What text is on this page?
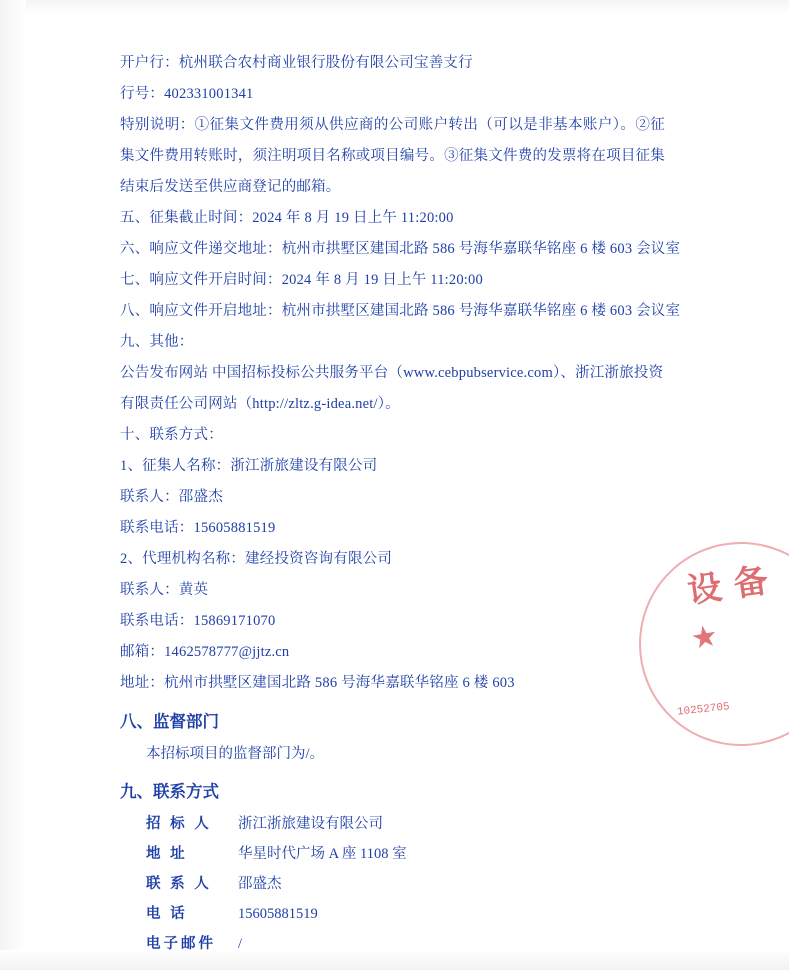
开户行：杭州联合农村商业银行股份有限公司宝善支行
行号：402331001341
特别说明：①征集文件费用须从供应商的公司账户转出（可以是非基本账户）。②征集文件费用转账时，须注明项目名称或项目编号。③征集文件费的发票将在项目征集结束后发送至供应商登记的邮箱。
五、征集截止时间：2024 年 8 月 19 日上午 11:20:00
六、响应文件递交地址：杭州市拱墅区建国北路 586 号海华嘉联华铭座 6 楼 603 会议室
七、响应文件开启时间：2024 年 8 月 19 日上午 11:20:00
八、响应文件开启地址：杭州市拱墅区建国北路 586 号海华嘉联华铭座 6 楼 603 会议室
九、其他：
公告发布网站 中国招标投标公共服务平台（www.cebpubservice.com）、浙江浙旅投资有限责任公司网站（http://zltz.g-idea.net/）。
十、联系方式：
1、征集人名称：浙江浙旅建设有限公司
联系人：邵盛杰
联系电话：15605881519
2、代理机构名称：建经投资咨询有限公司
联系人：黄英
联系电话：15869171070
邮箱：1462578777@jjtz.cn
地址：杭州市拱墅区建国北路 586 号海华嘉联华铭座 6 楼 603
八、监督部门
本招标项目的监督部门为/。
九、联系方式
招 标 人	浙江浙旅建设有限公司
地 址	华星时代广场 A 座 1108 室
联 系 人	邵盛杰
电 话	15605881519
电子邮件	/
设 备
★
10252705
